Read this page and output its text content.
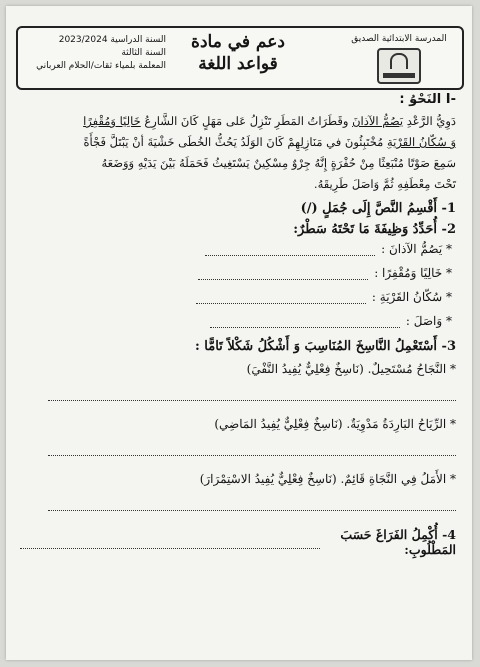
المدرسة الابتدائية الصديق
دعم في مادة
قواعد اللغة
السنة الدراسية 2023/2024
السنة الثالثة
المعلمة بلمياء ثقات/الحلام العرباني
I- النَحْوُ :

دَوِيُّ الرَّعْدِ يَصُمُّ الآذانَ وقَطَرَاتُ المَطَرِ تَنْزِلُ عَلى مَهَلٍ كَانَ الشَّارِعُ خَالِيًا وَمُقْفِرًا

وَ سُكّانُ القَرْيَةِ مُخْتَبِئُونَ في مَنَازِلِهِمْ كَانَ الوَلَدُ يَحُثُّ الخُطَى خَشْيَةَ أنْ يَبْتَلَّ فَجْأَةً

سَمِعَ صَوْتًا مُنْبَعِثًا مِنْ حُفْرَةٍ إِنَّهُ جِرْوٌ مِسْكِينٌ يَسْتَغِيثُ فَحَمَلَهُ بَيْنَ يَدَيْهِ وَوَضَعَهُ

تَحْتَ مِعْطَفِهِ ثُمَّ وَاصَلَ طَرِيقَهُ.

1- أَقْسِمُ النَّصَّ إِلَى جُمَلٍ (/)
2- أُحَدِّدُ وَظِيفَةَ مَا تَحْتَهُ سَطْرٌ:
* يَصُمُّ الآذانَ :
* خَالِيًا وَمُقْفِرًا :
* سُكّانُ القَرْيَةِ :
* وَاصَلَ :
3- أَسْتَعْمِلُ النَّاسِخَ المُنَاسِبَ وَ أَشْكُلُ شَكْلاً تَامًّا :
* النَّجَاحُ مُسْتَحِيلٌ. (نَاسِخٌ فِعْلِيٌّ يُفِيدُ النَّفْيَ)
* الرِّيَاحُ البَارِدَةُ مَدْوِيَةٌ. (نَاسِخٌ فِعْلِيٌّ يُفِيدُ المَاضِي)
* الأَمَلُ فِي النَّجَاةِ قَائِمٌ. (نَاسِخٌ فِعْلِيٌّ يُفِيدُ الاسْتِمْرَارَ)
4- أُكْمِلُ الفَرَاغَ حَسَبَ المَطْلُوبِ:
